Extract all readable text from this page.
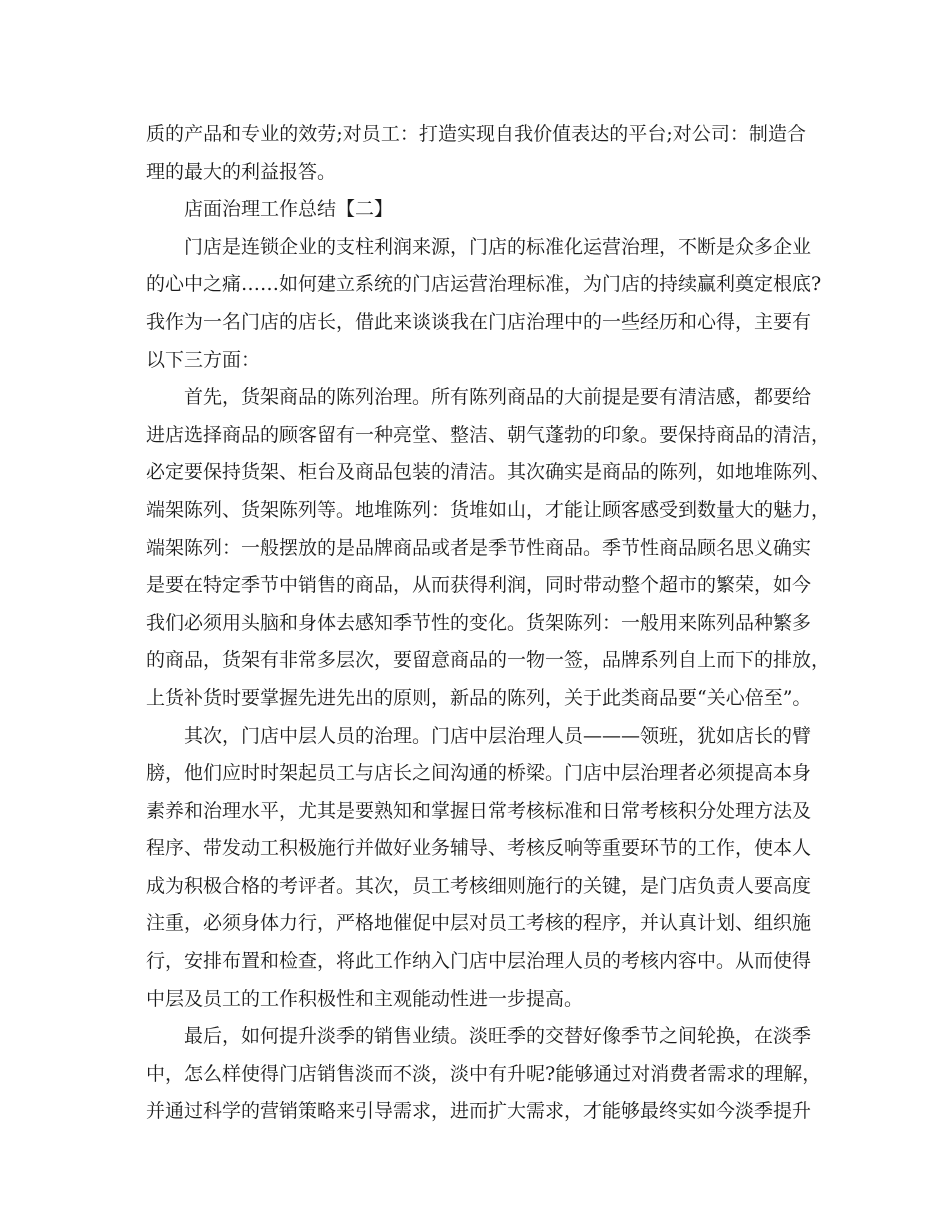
质的产品和专业的效劳;对员工：打造实现自我价值表达的平台;对公司：制造合
理的最大的利益报答。
店面治理工作总结【二】
门店是连锁企业的支柱利润来源，门店的标准化运营治理，不断是众多企业
的心中之痛……如何建立系统的门店运营治理标准，为门店的持续赢利奠定根底?
我作为一名门店的店长，借此来谈谈我在门店治理中的一些经历和心得，主要有
以下三方面：
首先，货架商品的陈列治理。所有陈列商品的大前提是要有清洁感，都要给
进店选择商品的顾客留有一种亮堂、整洁、朝气蓬勃的印象。要保持商品的清洁，
必定要保持货架、柜台及商品包装的清洁。其次确实是商品的陈列，如地堆陈列、
端架陈列、货架陈列等。地堆陈列：货堆如山，才能让顾客感受到数量大的魅力，
端架陈列：一般摆放的是品牌商品或者是季节性商品。季节性商品顾名思义确实
是要在特定季节中销售的商品，从而获得利润，同时带动整个超市的繁荣，如今
我们必须用头脑和身体去感知季节性的变化。货架陈列：一般用来陈列品种繁多
的商品，货架有非常多层次，要留意商品的一物一签，品牌系列自上而下的排放，
上货补货时要掌握先进先出的原则，新品的陈列，关于此类商品要“关心倍至”。
其次，门店中层人员的治理。门店中层治理人员———领班，犹如店长的臂
膀，他们应时时架起员工与店长之间沟通的桥梁。门店中层治理者必须提高本身
素养和治理水平，尤其是要熟知和掌握日常考核标准和日常考核积分处理方法及
程序、带发动工积极施行并做好业务辅导、考核反响等重要环节的工作，使本人
成为积极合格的考评者。其次，员工考核细则施行的关键，是门店负责人要高度
注重，必须身体力行，严格地催促中层对员工考核的程序，并认真计划、组织施
行，安排布置和检查，将此工作纳入门店中层治理人员的考核内容中。从而使得
中层及员工的工作积极性和主观能动性进一步提高。
最后，如何提升淡季的销售业绩。淡旺季的交替好像季节之间轮换，在淡季
中，怎么样使得门店销售淡而不淡，淡中有升呢?能够通过对消费者需求的理解，
并通过科学的营销策略来引导需求，进而扩大需求，才能够最终实如今淡季提升
